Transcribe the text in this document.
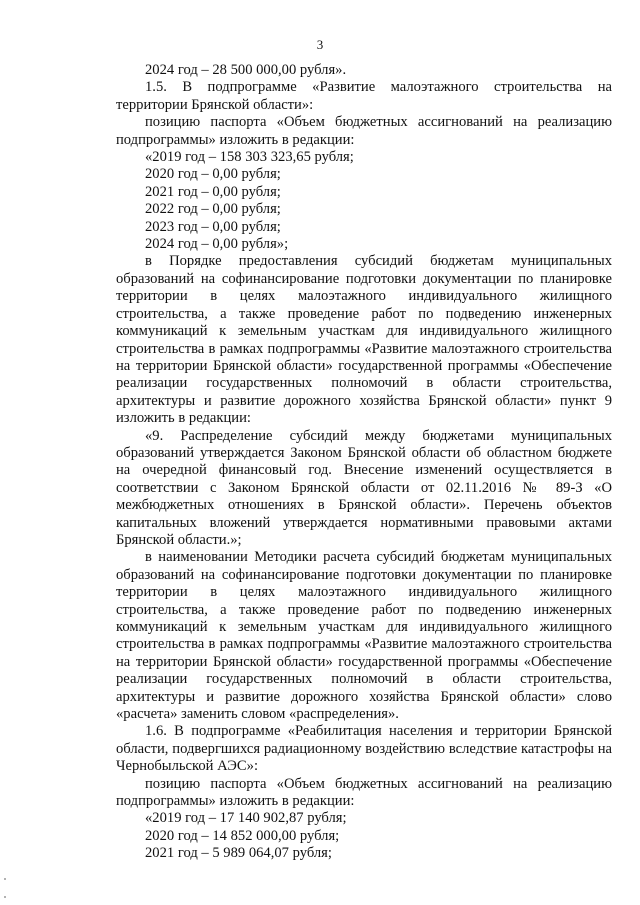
3

2024 год – 28 500 000,00 рубля».

1.5. В подпрограмме «Развитие малоэтажного строительства на территории Брянской области»:

позицию паспорта «Объем бюджетных ассигнований на реализацию подпрограммы» изложить в редакции:

«2019 год – 158 303 323,65 рубля;

2020 год – 0,00 рубля;

2021 год – 0,00 рубля;

2022 год – 0,00 рубля;

2023 год – 0,00 рубля;

2024 год – 0,00 рубля»;

в Порядке предоставления субсидий бюджетам муниципальных образований на софинансирование подготовки документации по планировке территории в целях малоэтажного индивидуального жилищного строительства, а также проведение работ по подведению инженерных коммуникаций к земельным участкам для индивидуального жилищного строительства в рамках подпрограммы «Развитие малоэтажного строительства на территории Брянской области» государственной программы «Обеспечение реализации государственных полномочий в области строительства, архитектуры и развитие дорожного хозяйства Брянской области» пункт 9 изложить в редакции:

«9. Распределение субсидий между бюджетами муниципальных образований утверждается Законом Брянской области об областном бюджете на очередной финансовый год. Внесение изменений осуществляется в соответствии с Законом Брянской области от 02.11.2016 № 89-З «О межбюджетных отношениях в Брянской области». Перечень объектов капитальных вложений утверждается нормативными правовыми актами Брянской области.»;

в наименовании Методики расчета субсидий бюджетам муниципальных образований на софинансирование подготовки документации по планировке территории в целях малоэтажного индивидуального жилищного строительства, а также проведение работ по подведению инженерных коммуникаций к земельным участкам для индивидуального жилищного строительства в рамках подпрограммы «Развитие малоэтажного строительства на территории Брянской области» государственной программы «Обеспечение реализации государственных полномочий в области строительства, архитектуры и развитие дорожного хозяйства Брянской области» слово «расчета» заменить словом «распределения».

1.6. В подпрограмме «Реабилитация населения и территории Брянской области, подвергшихся радиационному воздействию вследствие катастрофы на Чернобыльской АЭС»:

позицию паспорта «Объем бюджетных ассигнований на реализацию подпрограммы» изложить в редакции:

«2019 год – 17 140 902,87 рубля;

2020 год – 14 852 000,00 рубля;

2021 год – 5 989 064,07 рубля;
